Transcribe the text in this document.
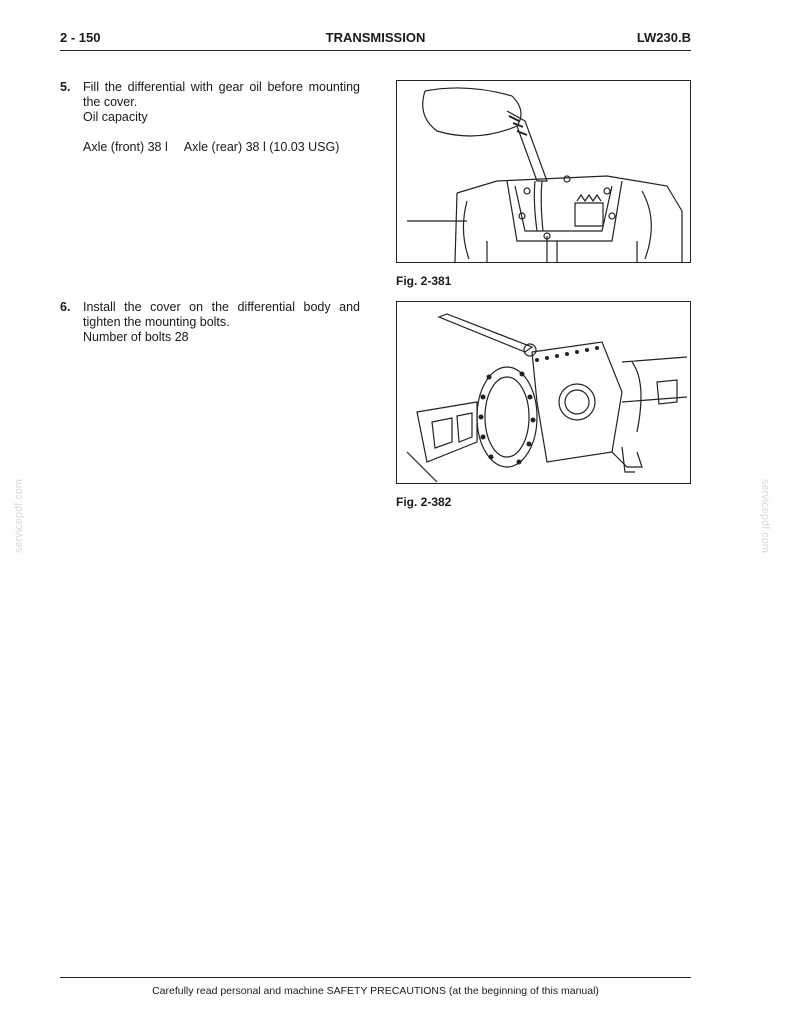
2 - 150	TRANSMISSION	LW230.B
5. Fill the differential with gear oil before mounting the cover.
Oil capacity
Axle (front) 38 l Axle (rear) 38 l (10.03 USG)
6. Install the cover on the differential body and tighten the mounting bolts.
Number of bolts 28
Fig. 2-381
Fig. 2-382
servicepdf.com	servicepdf.com
Carefully read personal and machine SAFETY PRECAUTIONS (at the beginning of this manual)
